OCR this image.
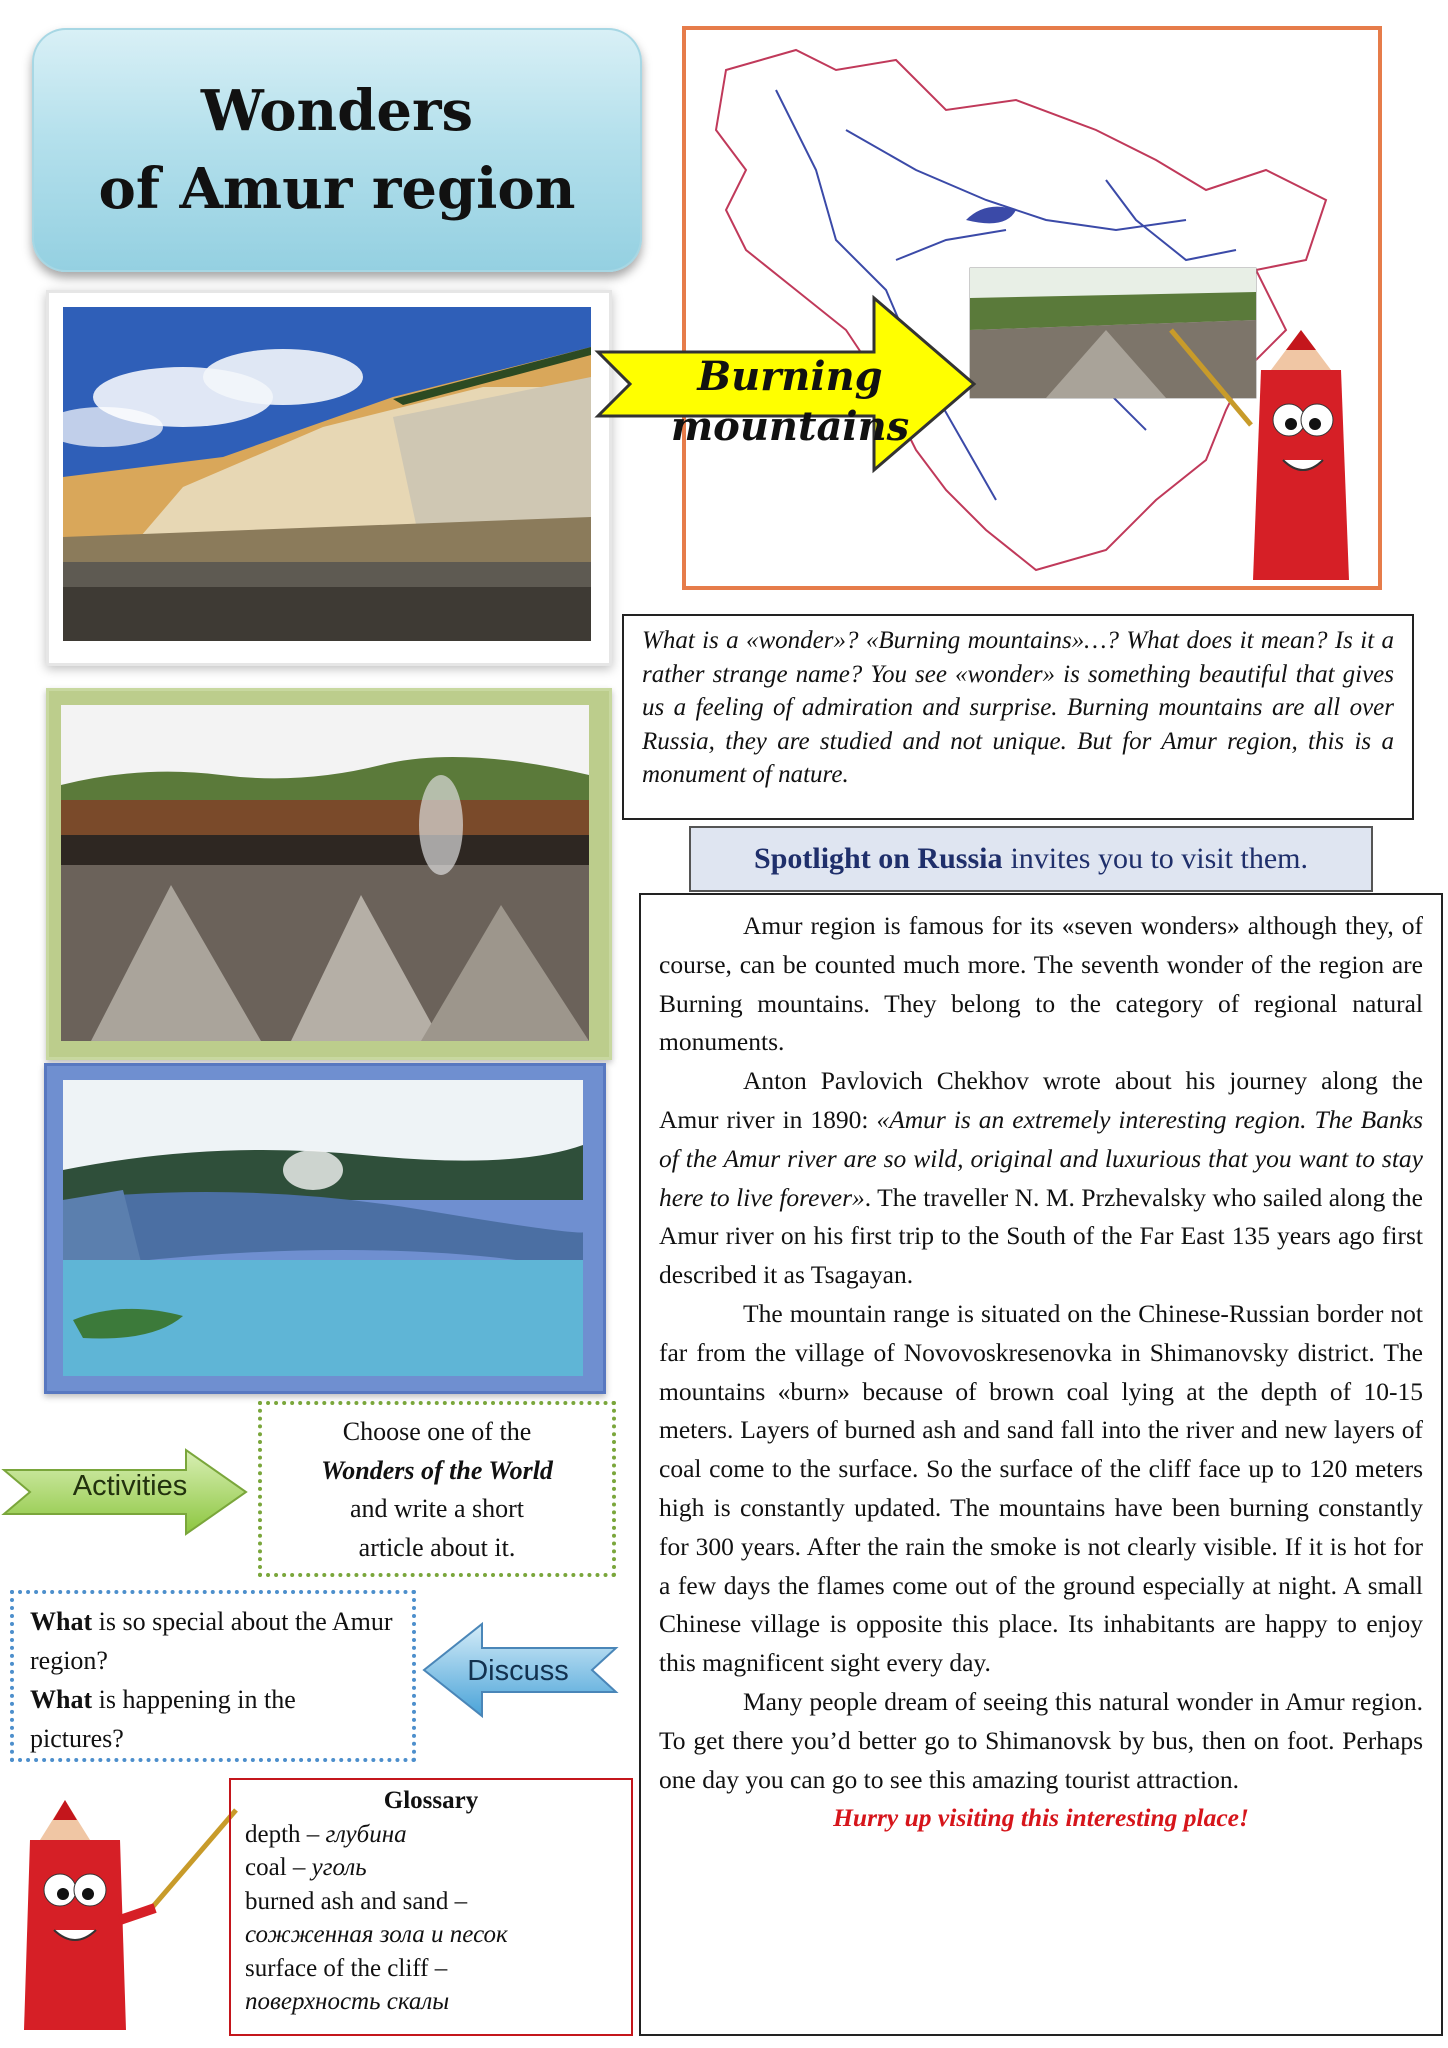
Wonders
of Amur region
Burning
mountains
What is a «wonder»? «Burning mountains»…? What does it mean? Is it a rather strange name? You see «wonder» is something beautiful that gives us a feeling of admiration and surprise. Burning mountains are all over Russia, they are studied and not unique. But for Amur region, this is a monument of nature.
Spotlight on Russia invites you to visit them.

Amur region is famous for its «seven wonders» although they, of course, can be counted much more. The seventh wonder of the region are Burning mountains. They belong to the category of regional natural monuments.

Anton Pavlovich Chekhov wrote about his journey along the Amur river in 1890: «Amur is an extremely interesting region. The Banks of the Amur river are so wild, original and luxurious that you want to stay here to live forever». The traveller N. M. Przhevalsky who sailed along the Amur river on his first trip to the South of the Far East 135 years ago first described it as Tsagayan.

The mountain range is situated on the Chinese-Russian border not far from the village of Novovoskresenovka in Shimanovsky district. The mountains «burn» because of brown coal lying at the depth of 10-15 meters. Layers of burned ash and sand fall into the river and new layers of coal come to the surface. So the surface of the cliff face up to 120 meters high is constantly updated. The mountains have been burning constantly for 300 years. After the rain the smoke is not clearly visible. If it is hot for a few days the flames come out of the ground especially at night. A small Chinese village is opposite this place. Its inhabitants are happy to enjoy this magnificent sight every day.

Many people dream of seeing this natural wonder in Amur region. To get there you’d better go to Shimanovsk by bus, then on foot. Perhaps one day you can go to see this amazing tourist attraction.

Hurry up visiting this interesting place!

Activities
Choose one of the
Wonders of the World
and write a short
article about it.
What is so special about the Amur region?
What is happening in the pictures?
Discuss
Glossary
depth – глубина
coal – уголь
burned ash and sand –
сожженная зола и песок
surface of the cliff –
поверхность скалы
